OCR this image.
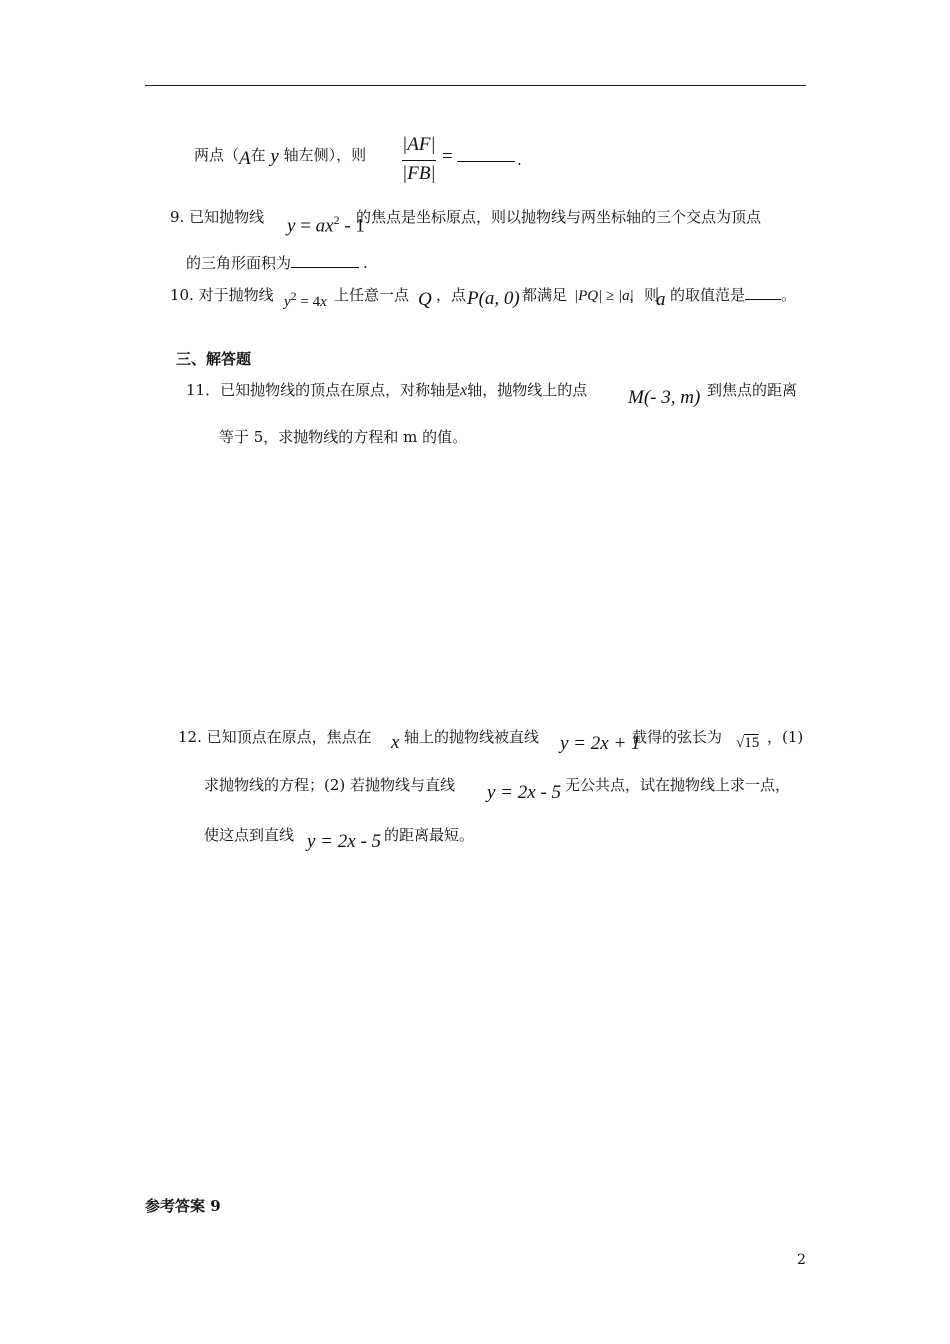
两点（A在 y 轴左侧），则 |AF|
|FB|
=	.
9. 已知抛物线 $y = ax^2 - 1$
的焦点是坐标原点，则以抛物线与两坐标轴的三个交点为顶点
的三角形面积为	.
10. 对于抛物线 $y^2 = 4x$ 上任意一点 Q ，点 P(a, 0) 都满足 |PQ| ≥ |a|
，则
a 的取值范是 。
三、解答题
11．已知抛物线的顶点在原点，对称轴是x轴，抛物线上的点 M(- 3, m) 到焦点的距离
等于 5，求抛物线的方程和 m 的值。
12. 已知顶点在原点，焦点在 x 轴上的抛物线被直线 y = 2x + 1
截得的弦长为 √15 ，(1)
求抛物线的方程；(2) 若抛物线与直线 y = 2x - 5 无公共点，试在抛物线上求一点，
使这点到直线 y = 2x - 5 的距离最短。
参考答案 9
2
